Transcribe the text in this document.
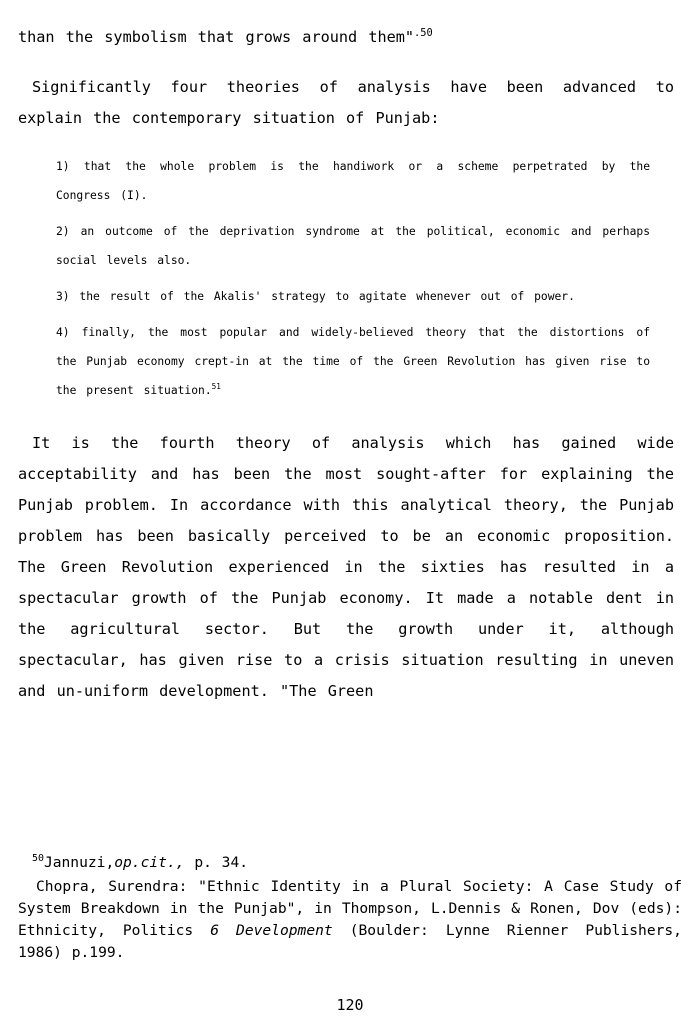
than the symbolism that grows around them"$^{.50}$
Significantly four theories of analysis have been advanced to explain the contemporary situation of Punjab:
1) that the whole problem is the handiwork or a scheme perpetrated by the Congress (I).
2) an outcome of the deprivation syndrome at the political, economic and perhaps social levels also.
3) the result of the Akalis' strategy to agitate whenever out of power.
4) finally, the most popular and widely-believed theory that the distortions of the Punjab economy crept-in at the time of the Green Revolution has given rise to the present situation.$^{51}$
It is the fourth theory of analysis which has gained wide acceptability and has been the most sought-after for explaining the Punjab problem. In accordance with this analytical theory, the Punjab problem has been basically perceived to be an economic proposition. The Green Revolution experienced in the sixties has resulted in a spectacular growth of the Punjab economy. It made a notable dent in the agricultural sector. But the growth under it, although spectacular, has given rise to a crisis situation resulting in uneven and un-uniform development. "The Green
$^{50}$Jannuzi,op.cit., p. 34.
Chopra, Surendra: "Ethnic Identity in a Plural Society: A Case Study of System Breakdown in the Punjab", in Thompson, L.Dennis & Ronen, Dov (eds): Ethnicity, Politics 6 Development (Boulder: Lynne Rienner Publishers, 1986) p.199.
120
